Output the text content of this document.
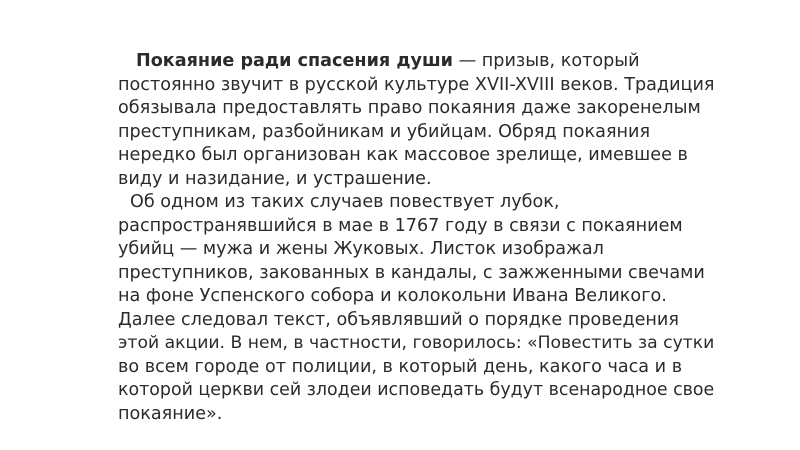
Покаяние ради спасения души — призыв, который
постоянно звучит в русской культуре XVII-XVIII веков. Традиция
обязывала предоставлять право покаяния даже закоренелым
преступникам, разбойникам и убийцам. Обряд покаяния
нередко был организован как массовое зрелище, имевшее в
виду и назидание, и устрашение.
Об одном из таких случаев повествует лубок,
распространявшийся в мае в 1767 году в связи с покаянием
убийц — мужа и жены Жуковых. Листок изображал
преступников, закованных в кандалы, с зажженными свечами
на фоне Успенского собора и колокольни Ивана Великого.
Далее следовал текст, объявлявший о порядке проведения
этой акции. В нем, в частности, говорилось: «Повестить за сутки
во всем городе от полиции, в который день, какого часа и в
которой церкви сей злодеи исповедать будут всенародное свое
покаяние».
